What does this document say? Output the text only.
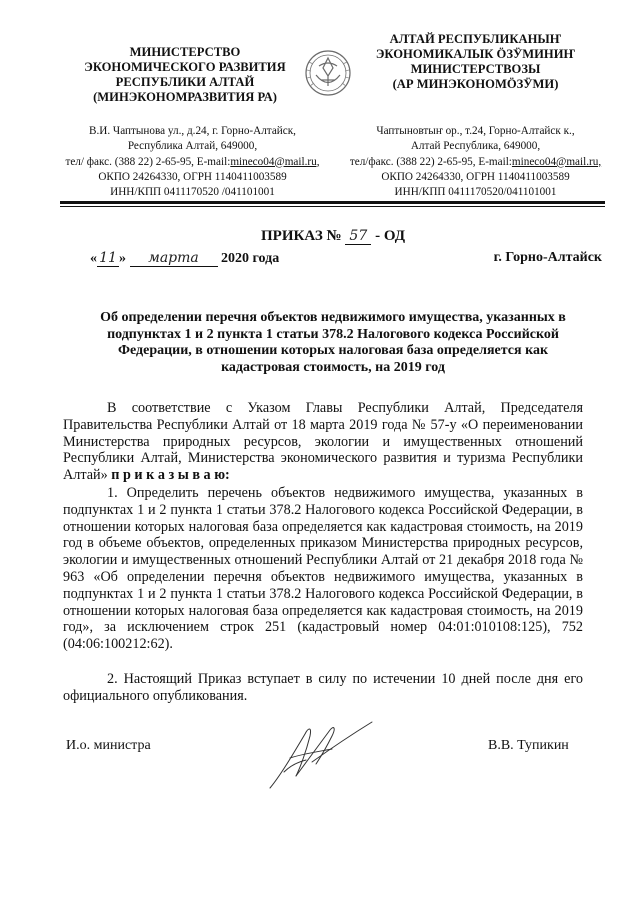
МИНИСТЕРСТВО
ЭКОНОМИЧЕСКОГО РАЗВИТИЯ
РЕСПУБЛИКИ АЛТАЙ
(МИНЭКОНОМРАЗВИТИЯ РА)
АЛТАЙ РЕСПУБЛИКАНЫҤ
ЭКОНОМИКАЛЫК ӦЗӰМИНИҤ
МИНИСТЕРСТВОЗЫ
(АР МИНЭКОНОМӦЗӰМИ)
В.И. Чаптынова ул., д.24, г. Горно-Алтайск,
Республика Алтай, 649000,
тел/ факс. (388 22) 2-65-95, E-mail:mineco04@mail.ru,
ОКПО 24264330, ОГРН 1140411003589
ИНН/КПП 0411170520 /041101001
Чаптыновтыҥ ор., т.24, Горно-Алтайск к.,
Алтай Республика, 649000,
тел/факс. (388 22) 2-65-95, E-mail:mineco04@mail.ru,
ОКПО 24264330, ОГРН 1140411003589
ИНН/КПП 0411170520/041101001
ПРИКАЗ № 57 - ОД
« 11 » марта 2020 года	г. Горно-Алтайск
Об определении перечня объектов недвижимого имущества, указанных в
подпунктах 1 и 2 пункта 1 статьи 378.2 Налогового кодекса Российской
Федерации, в отношении которых налоговая база определяется как
кадастровая стоимость, на 2019 год
В соответствие с Указом Главы Республики Алтай, Председателя Правительства Республики Алтай от 18 марта 2019 года № 57-у «О переименовании Министерства природных ресурсов, экологии и имущественных отношений Республики Алтай, Министерства экономического развития и туризма Республики Алтай» п р и к а з ы в а ю:
1. Определить перечень объектов недвижимого имущества, указанных в подпунктах 1 и 2 пункта 1 статьи 378.2 Налогового кодекса Российской Федерации, в отношении которых налоговая база определяется как кадастровая стоимость, на 2019 год в объеме объектов, определенных приказом Министерства природных ресурсов, экологии и имущественных отношений Республики Алтай от 21 декабря 2018 года № 963 «Об определении перечня объектов недвижимого имущества, указанных в подпунктах 1 и 2 пункта 1 статьи 378.2 Налогового кодекса Российской Федерации, в отношении которых налоговая база определяется как кадастровая стоимость, на 2019 год», за исключением строк 251 (кадастровый номер 04:01:010108:125), 752 (04:06:100212:62).
2. Настоящий Приказ вступает в силу по истечении 10 дней после дня его официального опубликования.
И.о. министра	В.В. Тупикин
